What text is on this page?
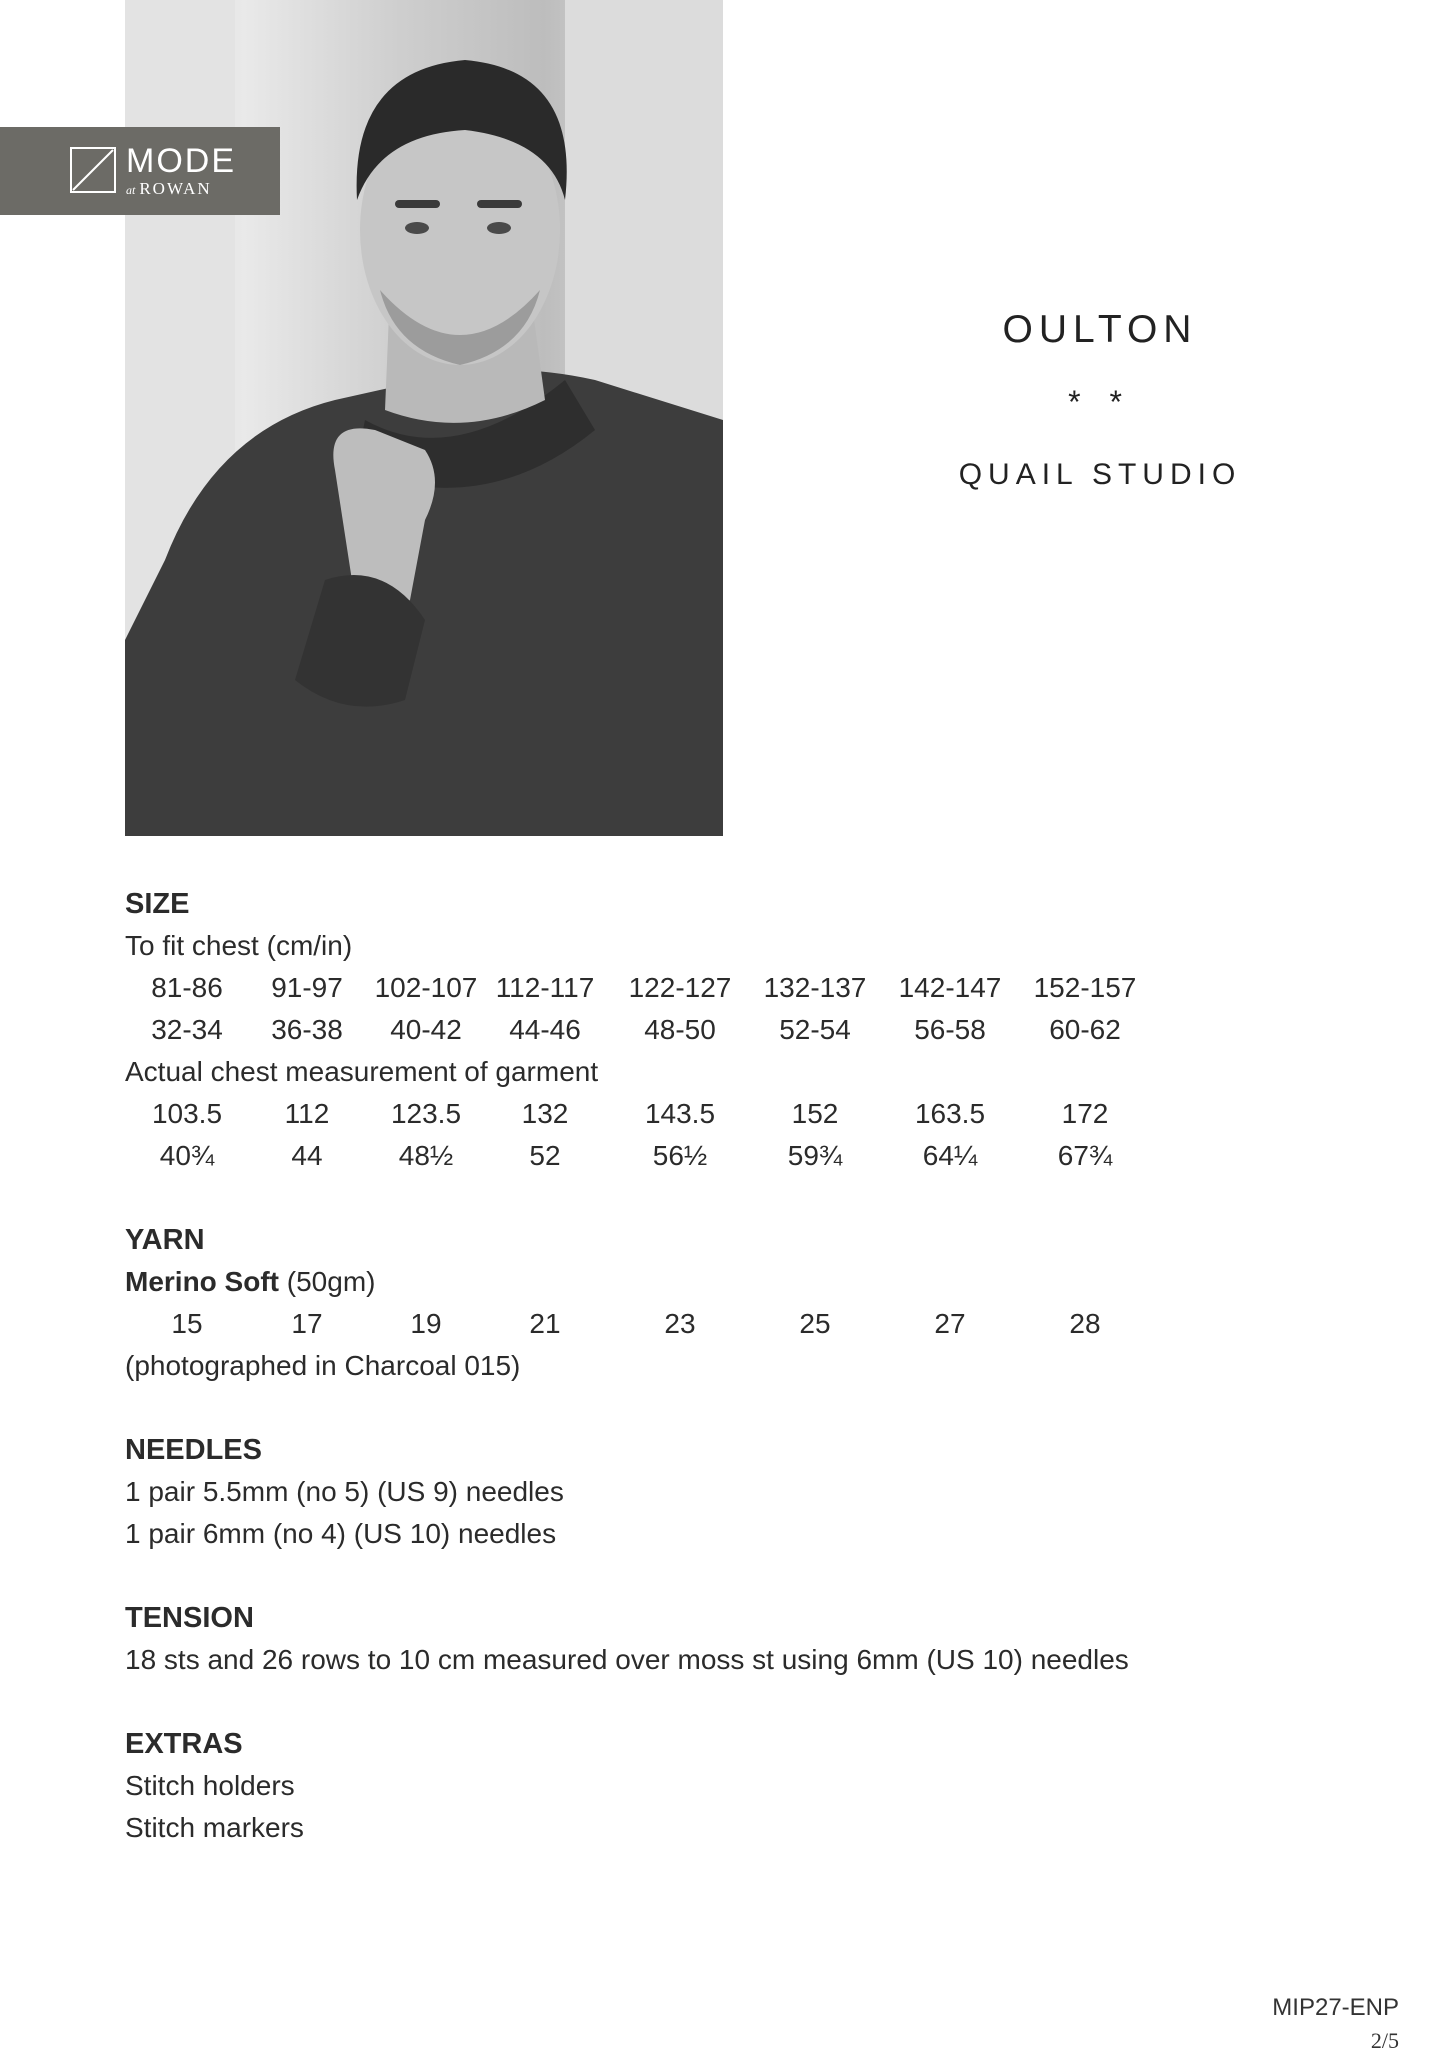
MODE
at ROWAN
OULTON
* *
QUAIL STUDIO
SIZE
To fit chest (cm/in)
81-86	91-97	102-107 112-117	122-127	132-137	142-147	152-157
32-34	36-38	40-42	44-46	48-50	52-54	56-58	60-62
Actual chest measurement of garment
103.5	112	123.5	132	143.5	152	163.5	172
40¾	44	48½	52	56½	59¾	64¼	67¾
YARN
Merino Soft (50gm)
15	17	19	21	23	25	27	28
(photographed in Charcoal 015)
NEEDLES
1 pair 5.5mm (no 5) (US 9) needles
1 pair 6mm (no 4) (US 10) needles
TENSION
18 sts and 26 rows to 10 cm measured over moss st using 6mm (US 10) needles
EXTRAS
Stitch holders
Stitch markers
MIP27-ENP
2/5
